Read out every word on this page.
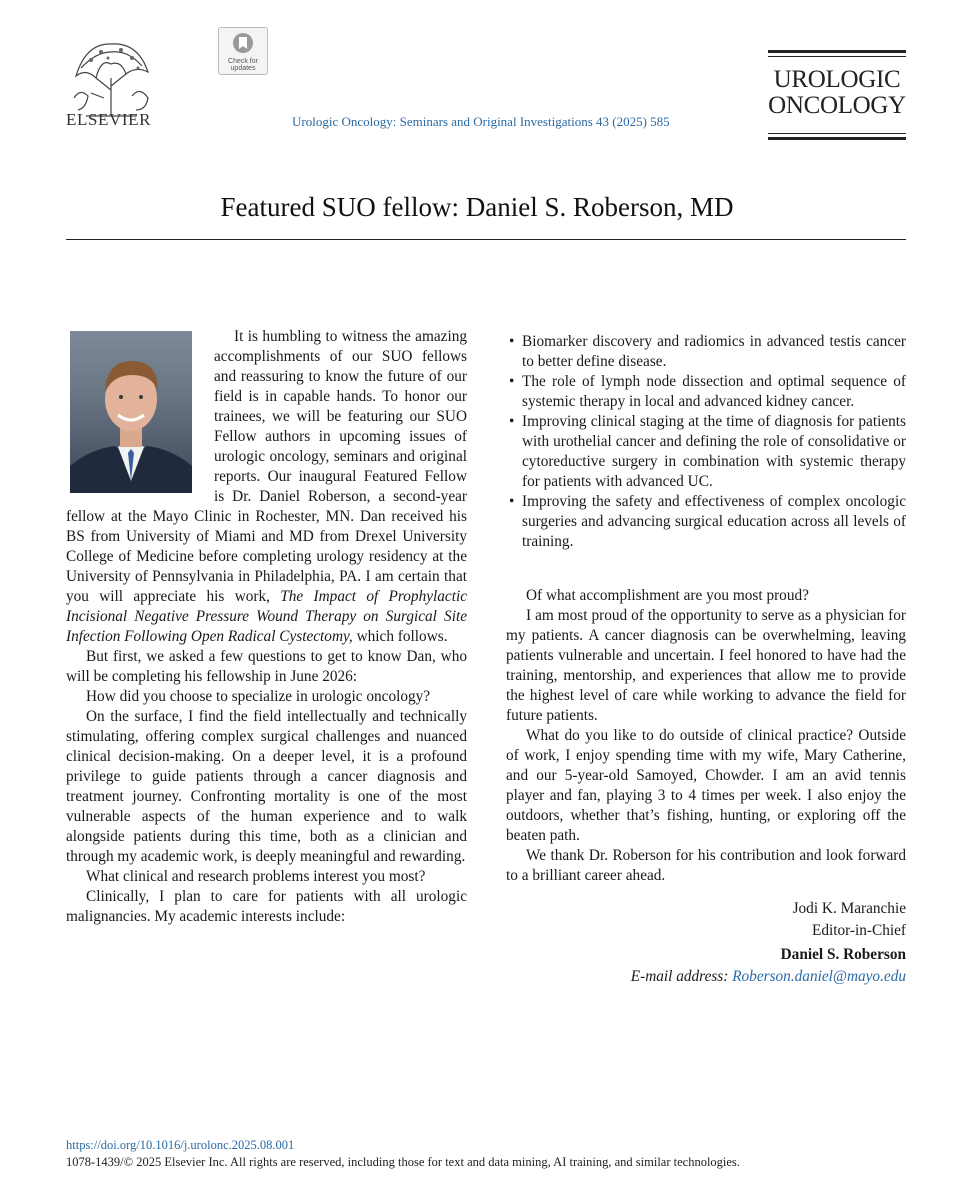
ELSEVIER
Check for updates
Urologic Oncology: Seminars and Original Investigations 43 (2025) 585
UROLOGIC
ONCOLOGY
Featured SUO fellow: Daniel S. Roberson, MD

It is humbling to witness the amazing accomplishments of our SUO fellows and reassuring to know the future of our field is in capable hands. To honor our trainees, we will be featuring our SUO Fellow authors in upcoming issues of urologic oncology, seminars and original reports. Our inaugural Featured Fellow is Dr. Daniel Roberson, a second-year fellow at the Mayo Clinic in Rochester, MN. Dan received his BS from University of Miami and MD from Drexel University College of Medicine before completing urology residency at the University of Pennsylvania in Philadelphia, PA. I am certain that you will appreciate his work, The Impact of Prophylactic Incisional Negative Pressure Wound Therapy on Surgical Site Infection Following Open Radical Cystectomy, which follows.

But first, we asked a few questions to get to know Dan, who will be completing his fellowship in June 2026:

How did you choose to specialize in urologic oncology?

On the surface, I find the field intellectually and technically stimulating, offering complex surgical challenges and nuanced clinical decision-making. On a deeper level, it is a profound privilege to guide patients through a cancer diagnosis and treatment journey. Confronting mortality is one of the most vulnerable aspects of the human experience and to walk alongside patients during this time, both as a clinician and through my academic work, is deeply meaningful and rewarding.

What clinical and research problems interest you most?

Clinically, I plan to care for patients with all urologic malignancies. My academic interests include:

• Biomarker discovery and radiomics in advanced testis cancer to better define disease.
• The role of lymph node dissection and optimal sequence of systemic therapy in local and advanced kidney cancer.
• Improving clinical staging at the time of diagnosis for patients with urothelial cancer and defining the role of consolidative or cytoreductive surgery in combination with systemic therapy for patients with advanced UC.
• Improving the safety and effectiveness of complex oncologic surgeries and advancing surgical education across all levels of training.

Of what accomplishment are you most proud?

I am most proud of the opportunity to serve as a physician for my patients. A cancer diagnosis can be overwhelming, leaving patients vulnerable and uncertain. I feel honored to have had the training, mentorship, and experiences that allow me to provide the highest level of care while working to advance the field for future patients.

What do you like to do outside of clinical practice? Outside of work, I enjoy spending time with my wife, Mary Catherine, and our 5-year-old Samoyed, Chowder. I am an avid tennis player and fan, playing 3 to 4 times per week. I also enjoy the outdoors, whether that’s fishing, hunting, or exploring off the beaten path.

We thank Dr. Roberson for his contribution and look forward to a brilliant career ahead.

Jodi K. Maranchie
Editor-in-Chief
Daniel S. Roberson
E-mail address: Roberson.daniel@mayo.edu
https://doi.org/10.1016/j.urolonc.2025.08.001
1078-1439/© 2025 Elsevier Inc. All rights are reserved, including those for text and data mining, AI training, and similar technologies.
